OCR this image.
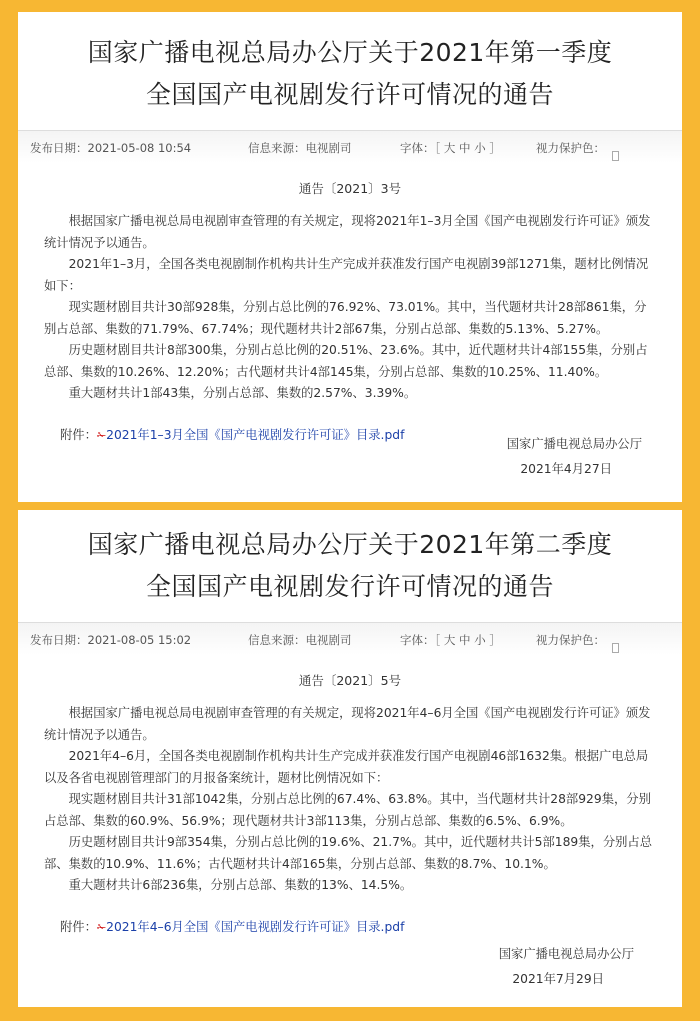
国家广播电视总局办公厅关于2021年第一季度
全国国产电视剧发行许可情况的通告
发布日期：2021-05-08 10:54	信息来源：电视剧司	字体：［ 大 中 小 ］	视力保护色：
通告〔2021〕3号

根据国家广播电视总局电视剧审查管理的有关规定，现将2021年1–3月全国《国产电视剧发行许可证》颁发统计情况予以通告。

2021年1–3月，全国各类电视剧制作机构共计生产完成并获准发行国产电视剧39部1271集，题材比例情况如下：

现实题材剧目共计30部928集，分别占总比例的76.92%、73.01%。其中，当代题材共计28部861集，分别占总部、集数的71.79%、67.74%；现代题材共计2部67集，分别占总部、集数的5.13%、5.27%。

历史题材剧目共计8部300集，分别占总比例的20.51%、23.6%。其中，近代题材共计4部155集，分别占总部、集数的10.26%、12.20%；古代题材共计4部145集，分别占总部、集数的10.25%、11.40%。

重大题材共计1部43集，分别占总部、集数的2.57%、3.39%。

附件：✁2021年1–3月全国《国产电视剧发行许可证》目录.pdf
国家广播电视总局办公厅
2021年4月27日
国家广播电视总局办公厅关于2021年第二季度
全国国产电视剧发行许可情况的通告
发布日期：2021-08-05 15:02	信息来源：电视剧司	字体：［ 大 中 小 ］	视力保护色：
通告〔2021〕5号

根据国家广播电视总局电视剧审查管理的有关规定，现将2021年4–6月全国《国产电视剧发行许可证》颁发统计情况予以通告。

2021年4–6月，全国各类电视剧制作机构共计生产完成并获准发行国产电视剧46部1632集。根据广电总局以及各省电视剧管理部门的月报备案统计，题材比例情况如下：

现实题材剧目共计31部1042集，分别占总比例的67.4%、63.8%。其中，当代题材共计28部929集，分别占总部、集数的60.9%、56.9%；现代题材共计3部113集，分别占总部、集数的6.5%、6.9%。

历史题材剧目共计9部354集，分别占总比例的19.6%、21.7%。其中，近代题材共计5部189集，分别占总部、集数的10.9%、11.6%；古代题材共计4部165集，分别占总部、集数的8.7%、10.1%。

重大题材共计6部236集，分别占总部、集数的13%、14.5%。

附件：✁2021年4–6月全国《国产电视剧发行许可证》目录.pdf
国家广播电视总局办公厅
2021年7月29日
